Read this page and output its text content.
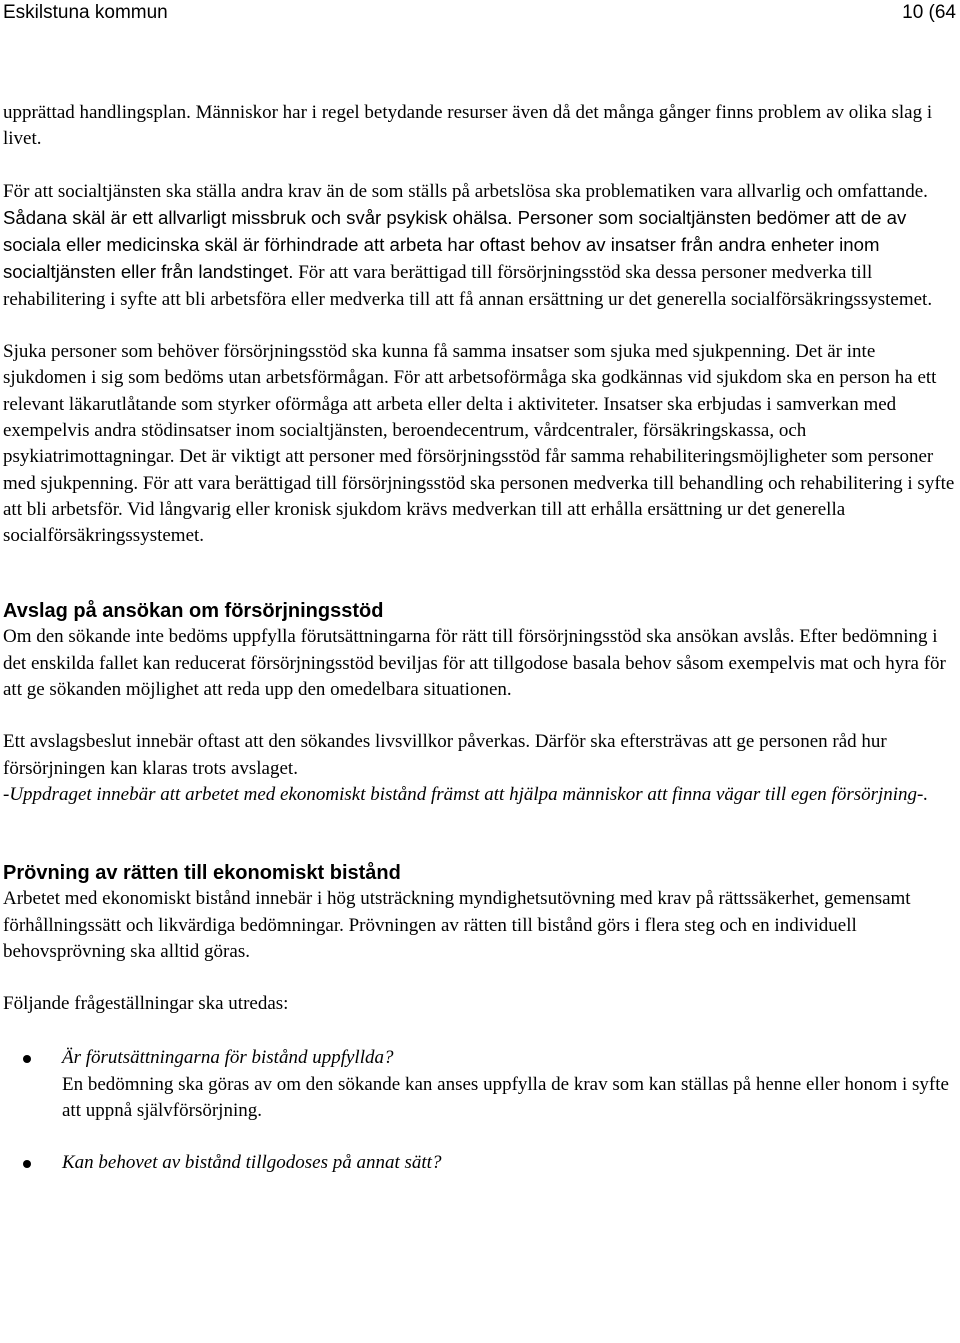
Eskilstuna kommun	10 (64

upprättad handlingsplan. Människor har i regel betydande resurser även då det många gånger finns problem av olika slag i livet.

För att socialtjänsten ska ställa andra krav än de som ställs på arbetslösa ska problematiken vara allvarlig och omfattande. Sådana skäl är ett allvarligt missbruk och svår psykisk ohälsa. Personer som socialtjänsten bedömer att de av sociala eller medicinska skäl är förhindrade att arbeta har oftast behov av insatser från andra enheter inom socialtjänsten eller från landstinget. För att vara berättigad till försörjningsstöd ska dessa personer medverka till rehabilitering i syfte att bli arbetsföra eller medverka till att få annan ersättning ur det generella socialförsäkringssystemet.

Sjuka personer som behöver försörjningsstöd ska kunna få samma insatser som sjuka med sjukpenning. Det är inte sjukdomen i sig som bedöms utan arbetsförmågan. För att arbetsoförmåga ska godkännas vid sjukdom ska en person ha ett relevant läkarutlåtande som styrker oförmåga att arbeta eller delta i aktiviteter. Insatser ska erbjudas i samverkan med exempelvis andra stödinsatser inom socialtjänsten, beroendecentrum, vårdcentraler, försäkringskassa, och psykiatrimottagningar. Det är viktigt att personer med försörjningsstöd får samma rehabiliteringsmöjligheter som personer med sjukpenning. För att vara berättigad till försörjningsstöd ska personen medverka till behandling och rehabilitering i syfte att bli arbetsför. Vid långvarig eller kronisk sjukdom krävs medverkan till att erhålla ersättning ur det generella socialförsäkringssystemet.

Avslag på ansökan om försörjningsstöd

Om den sökande inte bedöms uppfylla förutsättningarna för rätt till försörjningsstöd ska ansökan avslås. Efter bedömning i det enskilda fallet kan reducerat försörjningsstöd beviljas för att tillgodose basala behov såsom exempelvis mat och hyra för att ge sökanden möjlighet att reda upp den omedelbara situationen.

Ett avslagsbeslut innebär oftast att den sökandes livsvillkor påverkas. Därför ska eftersträvas att ge personen råd hur försörjningen kan klaras trots avslaget.

-Uppdraget innebär att arbetet med ekonomiskt bistånd främst att hjälpa människor att finna vägar till egen försörjning-.

Prövning av rätten till ekonomiskt bistånd

Arbetet med ekonomiskt bistånd innebär i hög utsträckning myndighetsutövning med krav på rättssäkerhet, gemensamt förhållningssätt och likvärdiga bedömningar. Prövningen av rätten till bistånd görs i flera steg och en individuell behovsprövning ska alltid göras.

Följande frågeställningar ska utredas:

Är förutsättningarna för bistånd uppfyllda?
En bedömning ska göras av om den sökande kan anses uppfylla de krav som kan ställas på henne eller honom i syfte att uppnå självförsörjning.
Kan behovet av bistånd tillgodoses på annat sätt?
